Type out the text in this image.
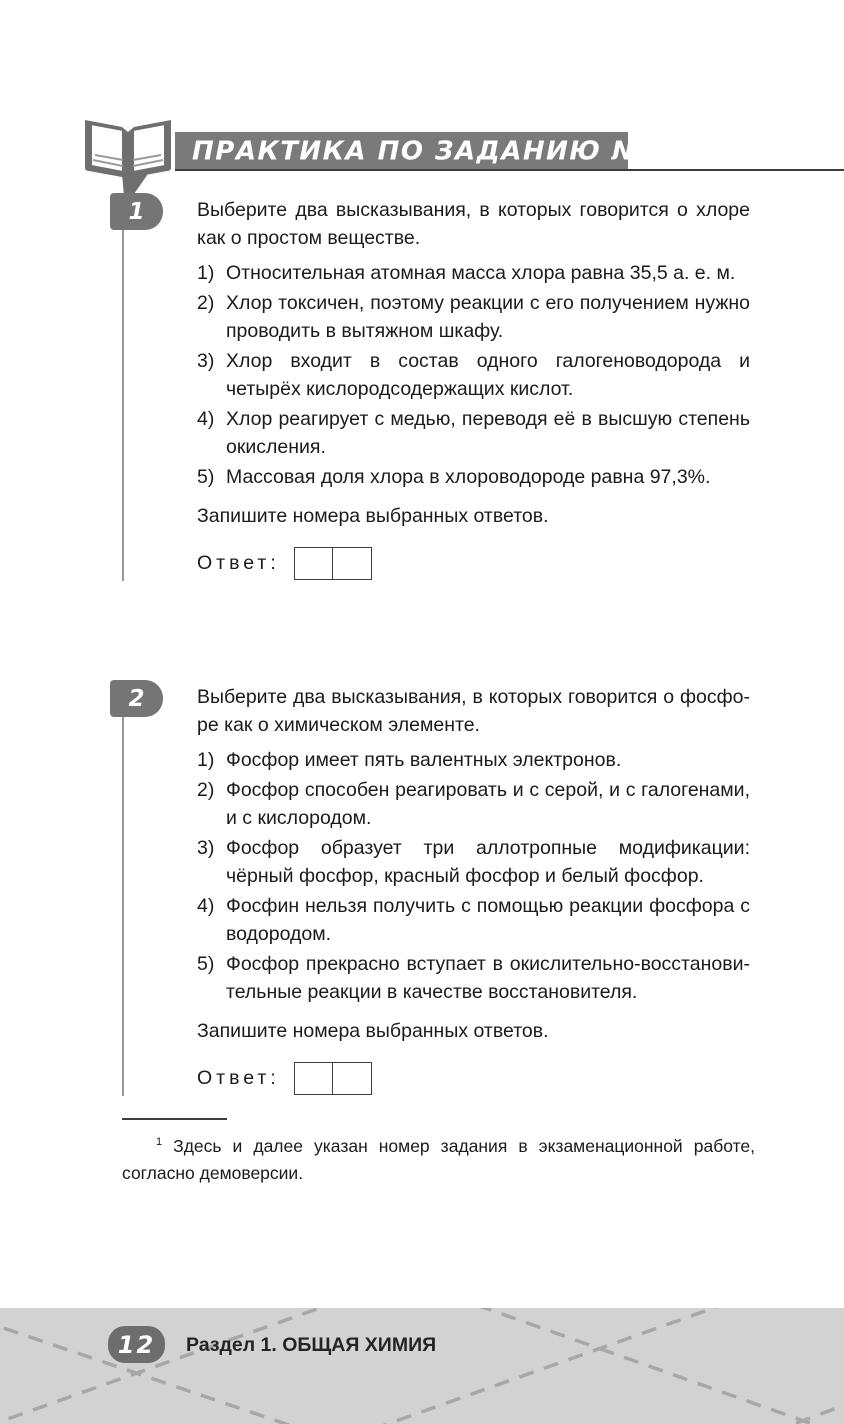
ПРАКТИКА ПО ЗАДАНИЮ № $1^1$
1	Выберите два высказывания, в которых говорится о хлоре как о простом веществе.

1) Относительная атомная масса хлора равна 35,5 а. е. м.
2) Хлор токсичен, поэтому реакции с его получением нужно проводить в вытяжном шкафу.
3) Хлор входит в состав одного галогеноводорода и четырёх кислородсодержащих кислот.
4) Хлор реагирует с медью, переводя её в высшую степень окисления.
5) Массовая доля хлора в хлороводороде равна 97,3%.

Запишите номера выбранных ответов.

Ответ:
2	Выберите два высказывания, в которых говорится о фосфоре как о химическом элементе.

1) Фосфор имеет пять валентных электронов.
2) Фосфор способен реагировать и с серой, и с галогенами, и с кислородом.
3) Фосфор образует три аллотропные модификации: чёрный фосфор, красный фосфор и белый фосфор.
4) Фосфин нельзя получить с помощью реакции фосфора с водородом.
5) Фосфор прекрасно вступает в окислительно-восстановительные реакции в качестве восстановителя.

Запишите номера выбранных ответов.

Ответ:

$^1$ Здесь и далее указан номер задания в экзаменационной работе, согласно демоверсии.

12	Раздел 1. ОБЩАЯ ХИМИЯ
